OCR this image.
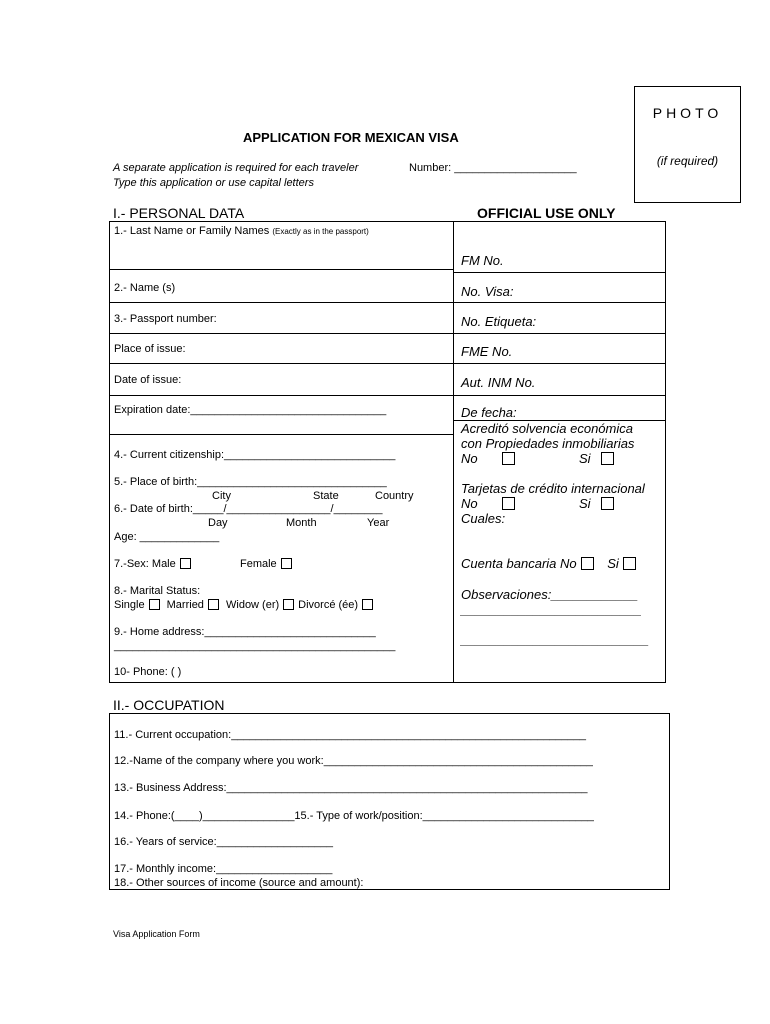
PHOTO
(if required)
APPLICATION FOR MEXICAN VISA
A separate application is required for each traveler
Type this application or use capital letters
Number: ____________________
I.- PERSONAL DATA	OFFICIAL USE ONLY
1.- Last Name or Family Names (Exactly as in the passport)
2.- Name (s)
3.- Passport number:
Place of issue:
Date of issue:
Expiration date:________________________________
4.- Current citizenship:____________________________
5.- Place of birth:_______________________________
City	State	Country
6.- Date of birth:_____/_________________/________
Day	Month	Year
Age: _____________
7.-Sex: Male	Female
8.- Marital Status:
Single Married Widow (er) Divorcé (ée)
9.- Home address:____________________________
______________________________________________
10- Phone: ( )
FM No.
No. Visa:
No. Etiqueta:
FME No.
Aut. INM No.
De fecha:
Acreditó solvencia económica
con Propiedades inmobiliarias
No	Si
Tarjetas de crédito internacional
No	Si
Cuales:
Cuenta bancaria No Si
Observaciones:____________
_________________________
__________________________
II.- OCCUPATION
11.- Current occupation:__________________________________________________________
12.-Name of the company where you work:____________________________________________
13.- Business Address:___________________________________________________________
14.- Phone:(____)_______________15.- Type of work/position:____________________________
16.- Years of service:___________________
17.- Monthly income:___________________
18.- Other sources of income (source and amount):
Visa Application Form
